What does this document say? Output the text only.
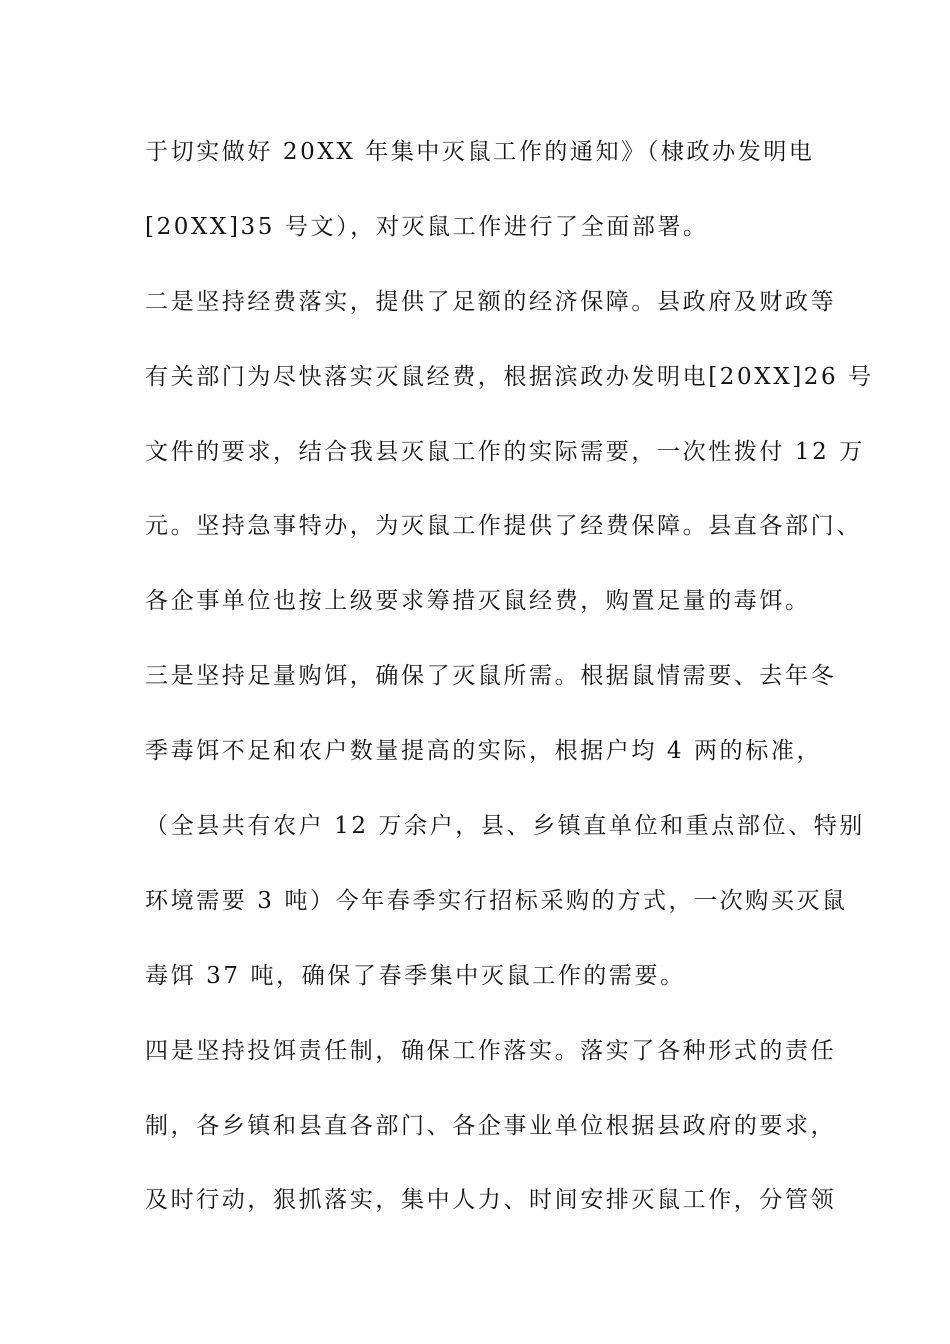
于切实做好 20XX 年集中灭鼠工作的通知》（棣政办发明电
[20XX]35 号文），对灭鼠工作进行了全面部署。
二是坚持经费落实，提供了足额的经济保障。县政府及财政等
有关部门为尽快落实灭鼠经费，根据滨政办发明电[20XX]26 号
文件的要求，结合我县灭鼠工作的实际需要，一次性拨付 12 万
元。坚持急事特办，为灭鼠工作提供了经费保障。县直各部门、
各企事单位也按上级要求筹措灭鼠经费，购置足量的毒饵。
三是坚持足量购饵，确保了灭鼠所需。根据鼠情需要、去年冬
季毒饵不足和农户数量提高的实际，根据户均 4 两的标准，
（全县共有农户 12 万余户，县、乡镇直单位和重点部位、特别
环境需要 3 吨）今年春季实行招标采购的方式，一次购买灭鼠
毒饵 37 吨，确保了春季集中灭鼠工作的需要。
四是坚持投饵责任制，确保工作落实。落实了各种形式的责任
制，各乡镇和县直各部门、各企事业单位根据县政府的要求，
及时行动，狠抓落实，集中人力、时间安排灭鼠工作，分管领
